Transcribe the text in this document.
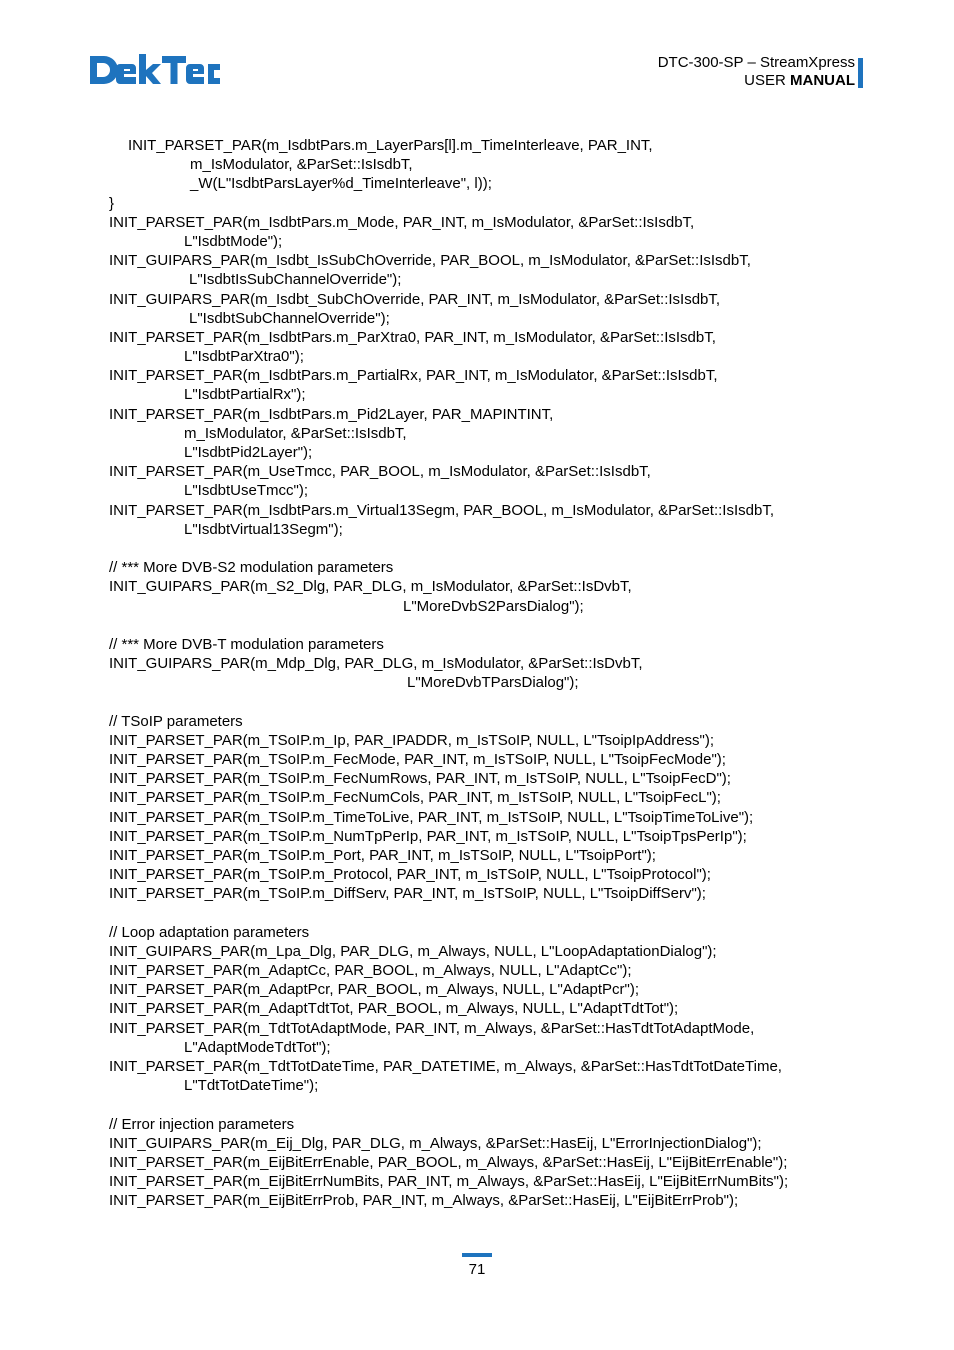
DTC-300-SP – StreamXpress
USER MANUAL
INIT_PARSET_PAR(m_IsdbtPars.m_LayerPars[l].m_TimeInterleave, PAR_INT,
m_IsModulator, &ParSet::IsIsdbT,
_W(L"IsdbtParsLayer%d_TimeInterleave", l));
}
INIT_PARSET_PAR(m_IsdbtPars.m_Mode, PAR_INT, m_IsModulator, &ParSet::IsIsdbT,
L"IsdbtMode");
INIT_GUIPARS_PAR(m_Isdbt_IsSubChOverride, PAR_BOOL, m_IsModulator, &ParSet::IsIsdbT,
L"IsdbtIsSubChannelOverride");
INIT_GUIPARS_PAR(m_Isdbt_SubChOverride, PAR_INT, m_IsModulator, &ParSet::IsIsdbT,
L"IsdbtSubChannelOverride");
INIT_PARSET_PAR(m_IsdbtPars.m_ParXtra0, PAR_INT, m_IsModulator, &ParSet::IsIsdbT,
L"IsdbtParXtra0");
INIT_PARSET_PAR(m_IsdbtPars.m_PartialRx, PAR_INT, m_IsModulator, &ParSet::IsIsdbT,
L"IsdbtPartialRx");
INIT_PARSET_PAR(m_IsdbtPars.m_Pid2Layer, PAR_MAPINTINT,
m_IsModulator, &ParSet::IsIsdbT,
L"IsdbtPid2Layer");
INIT_PARSET_PAR(m_UseTmcc, PAR_BOOL, m_IsModulator, &ParSet::IsIsdbT,
L"IsdbtUseTmcc");
INIT_PARSET_PAR(m_IsdbtPars.m_Virtual13Segm, PAR_BOOL, m_IsModulator, &ParSet::IsIsdbT,
L"IsdbtVirtual13Segm");
// *** More DVB-S2 modulation parameters
INIT_GUIPARS_PAR(m_S2_Dlg, PAR_DLG, m_IsModulator, &ParSet::IsDvbT,
L"MoreDvbS2ParsDialog");
// *** More DVB-T modulation parameters
INIT_GUIPARS_PAR(m_Mdp_Dlg, PAR_DLG, m_IsModulator, &ParSet::IsDvbT,
L"MoreDvbTParsDialog");
// TSoIP parameters
INIT_PARSET_PAR(m_TSoIP.m_Ip, PAR_IPADDR, m_IsTSoIP, NULL, L"TsoipIpAddress");
INIT_PARSET_PAR(m_TSoIP.m_FecMode, PAR_INT, m_IsTSoIP, NULL, L"TsoipFecMode");
INIT_PARSET_PAR(m_TSoIP.m_FecNumRows, PAR_INT, m_IsTSoIP, NULL, L"TsoipFecD");
INIT_PARSET_PAR(m_TSoIP.m_FecNumCols, PAR_INT, m_IsTSoIP, NULL, L"TsoipFecL");
INIT_PARSET_PAR(m_TSoIP.m_TimeToLive, PAR_INT, m_IsTSoIP, NULL, L"TsoipTimeToLive");
INIT_PARSET_PAR(m_TSoIP.m_NumTpPerIp, PAR_INT, m_IsTSoIP, NULL, L"TsoipTpsPerIp");
INIT_PARSET_PAR(m_TSoIP.m_Port, PAR_INT, m_IsTSoIP, NULL, L"TsoipPort");
INIT_PARSET_PAR(m_TSoIP.m_Protocol, PAR_INT, m_IsTSoIP, NULL, L"TsoipProtocol");
INIT_PARSET_PAR(m_TSoIP.m_DiffServ, PAR_INT, m_IsTSoIP, NULL, L"TsoipDiffServ");
// Loop adaptation parameters
INIT_GUIPARS_PAR(m_Lpa_Dlg, PAR_DLG, m_Always, NULL, L"LoopAdaptationDialog");
INIT_PARSET_PAR(m_AdaptCc, PAR_BOOL, m_Always, NULL, L"AdaptCc");
INIT_PARSET_PAR(m_AdaptPcr, PAR_BOOL, m_Always, NULL, L"AdaptPcr");
INIT_PARSET_PAR(m_AdaptTdtTot, PAR_BOOL, m_Always, NULL, L"AdaptTdtTot");
INIT_PARSET_PAR(m_TdtTotAdaptMode, PAR_INT, m_Always, &ParSet::HasTdtTotAdaptMode,
L"AdaptModeTdtTot");
INIT_PARSET_PAR(m_TdtTotDateTime, PAR_DATETIME, m_Always, &ParSet::HasTdtTotDateTime,
L"TdtTotDateTime");
// Error injection parameters
INIT_GUIPARS_PAR(m_Eij_Dlg, PAR_DLG, m_Always, &ParSet::HasEij, L"ErrorInjectionDialog");
INIT_PARSET_PAR(m_EijBitErrEnable, PAR_BOOL, m_Always, &ParSet::HasEij, L"EijBitErrEnable");
INIT_PARSET_PAR(m_EijBitErrNumBits, PAR_INT, m_Always, &ParSet::HasEij, L"EijBitErrNumBits");
INIT_PARSET_PAR(m_EijBitErrProb, PAR_INT, m_Always, &ParSet::HasEij, L"EijBitErrProb");
71
